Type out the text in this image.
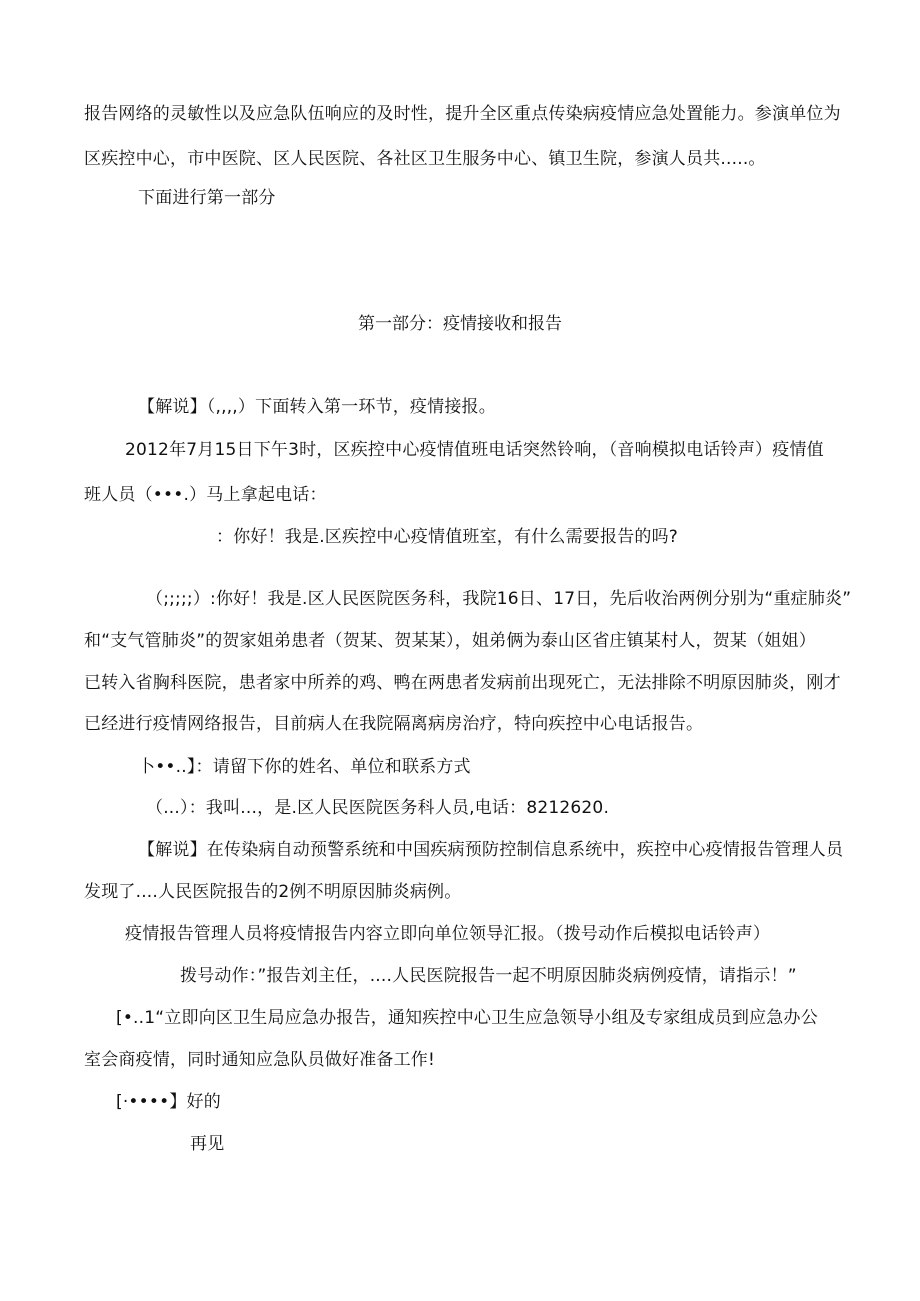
报告网络的灵敏性以及应急队伍响应的及时性，提升全区重点传染病疫情应急处置能力。参演单位为
区疾控中心，市中医院、区人民医院、各社区卫生服务中心、镇卫生院，参演人员共.....。
下面进行第一部分
第一部分：疫情接收和报告
【解说】（,,,,）下面转入第一环节，疫情接报。
2012年7月15日下午3时，区疾控中心疫情值班电话突然铃响，（音响模拟电话铃声）疫情值
班人员（•••.）马上拿起电话：
：你好！我是.区疾控中心疫情值班室，有什么需要报告的吗?
（;;;;;）:你好！我是.区人民医院医务科，我院16日、17日，先后收治两例分别为“重症肺炎”
和“支气管肺炎”的贺家姐弟患者（贺某、贺某某），姐弟俩为泰山区省庄镇某村人，贺某（姐姐）
已转入省胸科医院，患者家中所养的鸡、鸭在两患者发病前出现死亡，无法排除不明原因肺炎，刚才
已经进行疫情网络报告，目前病人在我院隔离病房治疗，特向疾控中心电话报告。
卜••..】：请留下你的姓名、单位和联系方式
（...）：我叫...，是.区人民医院医务科人员,电话：8212620.
【解说】在传染病自动预警系统和中国疾病预防控制信息系统中，疾控中心疫情报告管理人员
发现了....人民医院报告的2例不明原因肺炎病例。
疫情报告管理人员将疫情报告内容立即向单位领导汇报。（拨号动作后模拟电话铃声）
拨号动作：”报告刘主任，....人民医院报告一起不明原因肺炎病例疫情，请指示！”
[•..1“立即向区卫生局应急办报告，通知疾控中心卫生应急领导小组及专家组成员到应急办公
室会商疫情，同时通知应急队员做好准备工作!
[·••••】好的
再见
